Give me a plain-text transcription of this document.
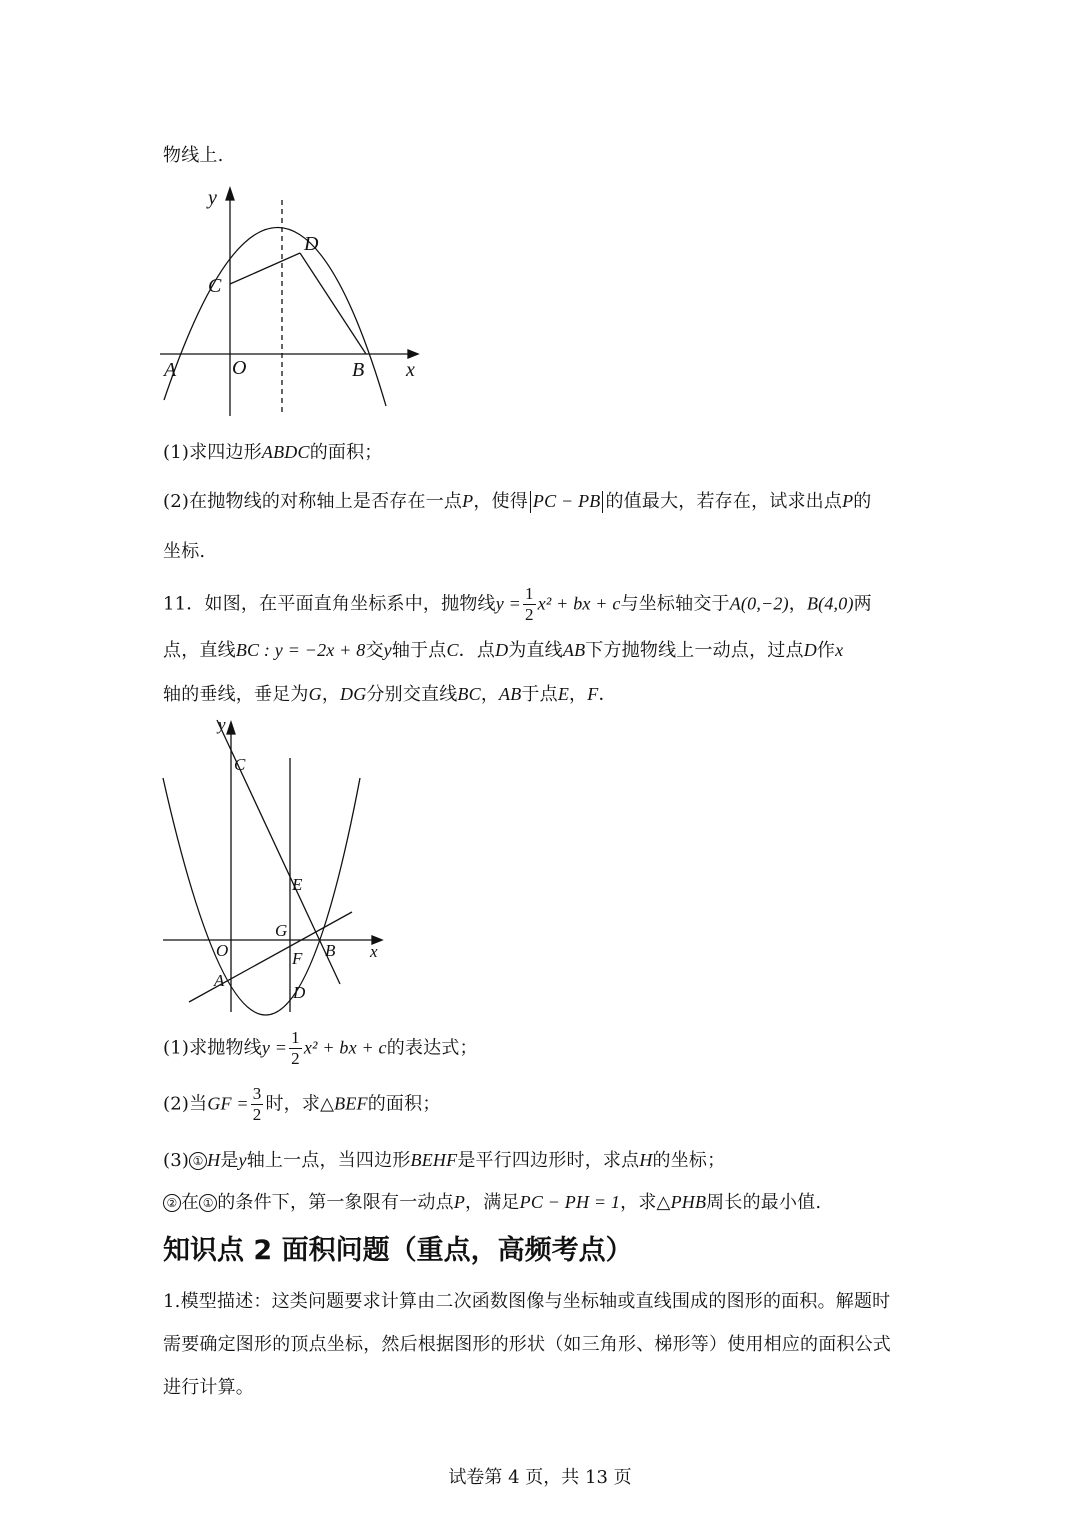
物线上.
y
x
O
A	B
C
D
(1)求四边形ABDC的面积；
(2)在抛物线的对称轴上是否存在一点P，使得 PC − PB 的值最大，若存在，试求出点P的
坐标.
11．如图，在平面直角坐标系中，抛物线$y = \frac{1}{2} x^2$ + bx + c与坐标轴交于A(0,−2)，B(4,0)两
点，直线BC : y = −2x + 8交y轴于点C．点D为直线AB下方抛物线上一动点，过点D作x
轴的垂线，垂足为G，DG分别交直线BC，AB于点E，F．
y
x
O
A
B
C
D
E
F
G
(1)求抛物线$y = \frac{1}{2} x^2$ + bx + c的表达式；
(2)当GF = $\frac{3}{2}$ 时，求△BEF的面积；
(3) ① H是y轴上一点，当四边形BEHF是平行四边形时，求点H的坐标；
② 在 ① 的条件下，第一象限有一动点P，满足PC − PH = 1，求△PHB周长的最小值.
知识点 2 面积问题（重点，高频考点）
1.模型描述：这类问题要求计算由二次函数图像与坐标轴或直线围成的图形的面积。解题时
需要确定图形的顶点坐标，然后根据图形的形状（如三角形、梯形等）使用相应的面积公式
进行计算。
试卷第 4 页，共 13 页
